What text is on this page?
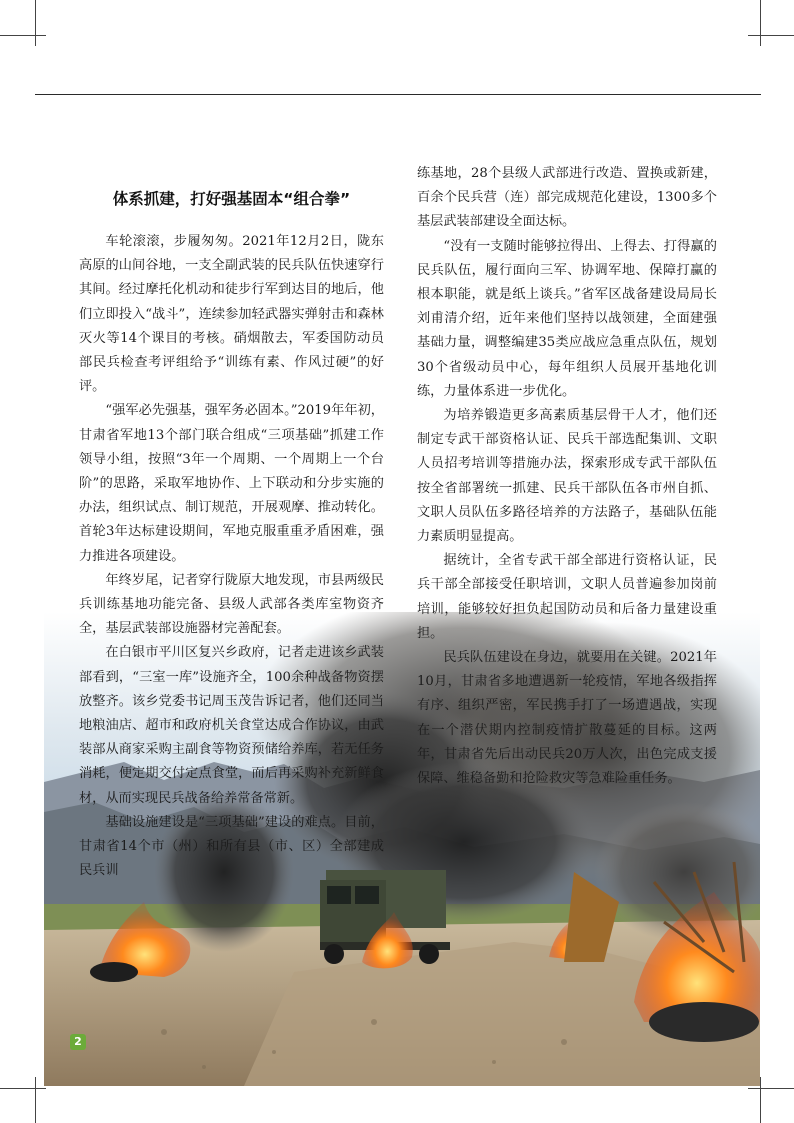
体系抓建，打好强基固本“组合拳”

车轮滚滚，步履匆匆。2021年12月2日，陇东高原的山间谷地，一支全副武装的民兵队伍快速穿行其间。经过摩托化机动和徒步行军到达目的地后，他们立即投入“战斗”，连续参加轻武器实弹射击和森林灭火等14个课目的考核。硝烟散去，军委国防动员部民兵检查考评组给予“训练有素、作风过硬”的好评。

“强军必先强基，强军务必固本。”2019年年初，甘肃省军地13个部门联合组成“三项基础”抓建工作领导小组，按照“3年一个周期、一个周期上一个台阶”的思路，采取军地协作、上下联动和分步实施的办法，组织试点、制订规范，开展观摩、推动转化。首轮3年达标建设期间，军地克服重重矛盾困难，强力推进各项建设。

年终岁尾，记者穿行陇原大地发现，市县两级民兵训练基地功能完备、县级人武部各类库室物资齐全，基层武装部设施器材完善配套。

在白银市平川区复兴乡政府，记者走进该乡武装部看到，“三室一库”设施齐全，100余种战备物资摆放整齐。该乡党委书记周玉茂告诉记者，他们还同当地粮油店、超市和政府机关食堂达成合作协议，由武装部从商家采购主副食等物资预储给养库，若无任务消耗，便定期交付定点食堂，而后再采购补充新鲜食材，从而实现民兵战备给养常备常新。

基础设施建设是“三项基础”建设的难点。目前，甘肃省14个市（州）和所有县（市、区）全部建成民兵训

练基地，28个县级人武部进行改造、置换或新建，百余个民兵营（连）部完成规范化建设，1300多个基层武装部建设全面达标。

“没有一支随时能够拉得出、上得去、打得赢的民兵队伍，履行面向三军、协调军地、保障打赢的根本职能，就是纸上谈兵。”省军区战备建设局局长刘甫清介绍，近年来他们坚持以战领建，全面建强基础力量，调整编建35类应战应急重点队伍，规划30个省级动员中心，每年组织人员展开基地化训练，力量体系进一步优化。

为培养锻造更多高素质基层骨干人才，他们还制定专武干部资格认证、民兵干部选配集训、文职人员招考培训等措施办法，探索形成专武干部队伍按全省部署统一抓建、民兵干部队伍各市州自抓、文职人员队伍多路径培养的方法路子，基础队伍能力素质明显提高。

据统计，全省专武干部全部进行资格认证，民兵干部全部接受任职培训，文职人员普遍参加岗前培训，能够较好担负起国防动员和后备力量建设重担。

民兵队伍建设在身边，就要用在关键。2021年10月，甘肃省多地遭遇新一轮疫情，军地各级指挥有序、组织严密，军民携手打了一场遭遇战，实现在一个潜伏期内控制疫情扩散蔓延的目标。这两年，甘肃省先后出动民兵20万人次，出色完成支援保障、维稳备勤和抢险救灾等急难险重任务。

2
